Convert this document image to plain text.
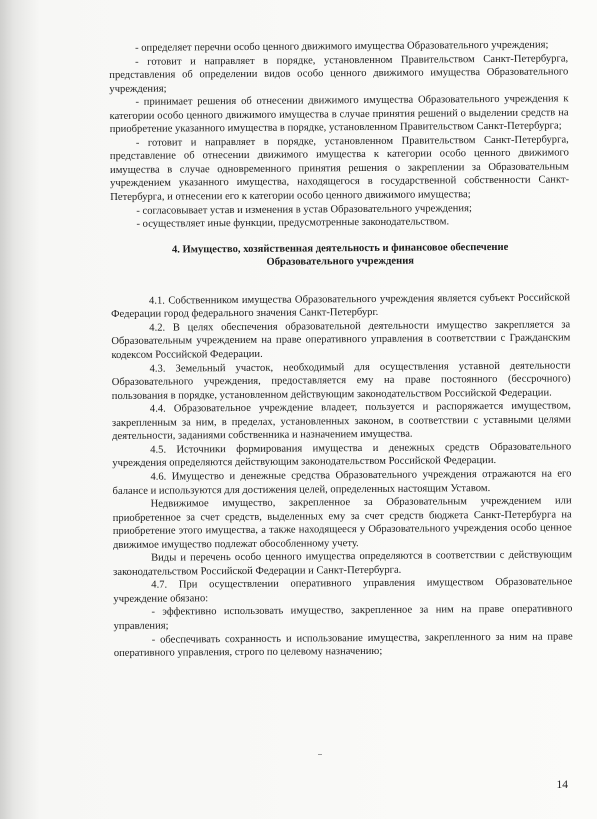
- определяет перечни особо ценного движимого имущества Образовательного учреждения;

- готовит и направляет в порядке, установленном Правительством Санкт-Петербурга, представления об определении видов особо ценного движимого имущества Образовательного учреждения;

- принимает решения об отнесении движимого имущества Образовательного учреждения к категории особо ценного движимого имущества в случае принятия решений о выделении средств на приобретение указанного имущества в порядке, установленном Правительством Санкт-Петербурга;

- готовит и направляет в порядке, установленном Правительством Санкт-Петербурга, представление об отнесении движимого имущества к категории особо ценного движимого имущества в случае одновременного принятия решения о закреплении за Образовательным учреждением указанного имущества, находящегося в государственной собственности Санкт-Петербурга, и отнесении его к категории особо ценного движимого имущества;

- согласовывает устав и изменения в устав Образовательного учреждения;

- осуществляет иные функции, предусмотренные законодательством.

4. Имущество, хозяйственная деятельность и финансовое обеспечение
Образовательного учреждения

4.1. Собственником имущества Образовательного учреждения является субъект Российской Федерации город федерального значения Санкт-Петербург.

4.2. В целях обеспечения образовательной деятельности имущество закрепляется за Образовательным учреждением на праве оперативного управления в соответствии с Гражданским кодексом Российской Федерации.

4.3. Земельный участок, необходимый для осуществления уставной деятельности Образовательного учреждения, предоставляется ему на праве постоянного (бессрочного) пользования в порядке, установленном действующим законодательством Российской Федерации.

4.4. Образовательное учреждение владеет, пользуется и распоряжается имуществом, закрепленным за ним, в пределах, установленных законом, в соответствии с уставными целями деятельности, заданиями собственника и назначением имущества.

4.5. Источники формирования имущества и денежных средств Образовательного учреждения определяются действующим законодательством Российской Федерации.

4.6. Имущество и денежные средства Образовательного учреждения отражаются на его балансе и используются для достижения целей, определенных настоящим Уставом.

Недвижимое имущество, закрепленное за Образовательным учреждением или приобретенное за счет средств, выделенных ему за счет средств бюджета Санкт-Петербурга на приобретение этого имущества, а также находящееся у Образовательного учреждения особо ценное движимое имущество подлежат обособленному учету.

Виды и перечень особо ценного имущества определяются в соответствии с действующим законодательством Российской Федерации и Санкт-Петербурга.

4.7. При осуществлении оперативного управления имуществом Образовательное учреждение обязано:

- эффективно использовать имущество, закрепленное за ним на праве оперативного управления;

- обеспечивать сохранность и использование имущества, закрепленного за ним на праве оперативного управления, строго по целевому назначению;

14
